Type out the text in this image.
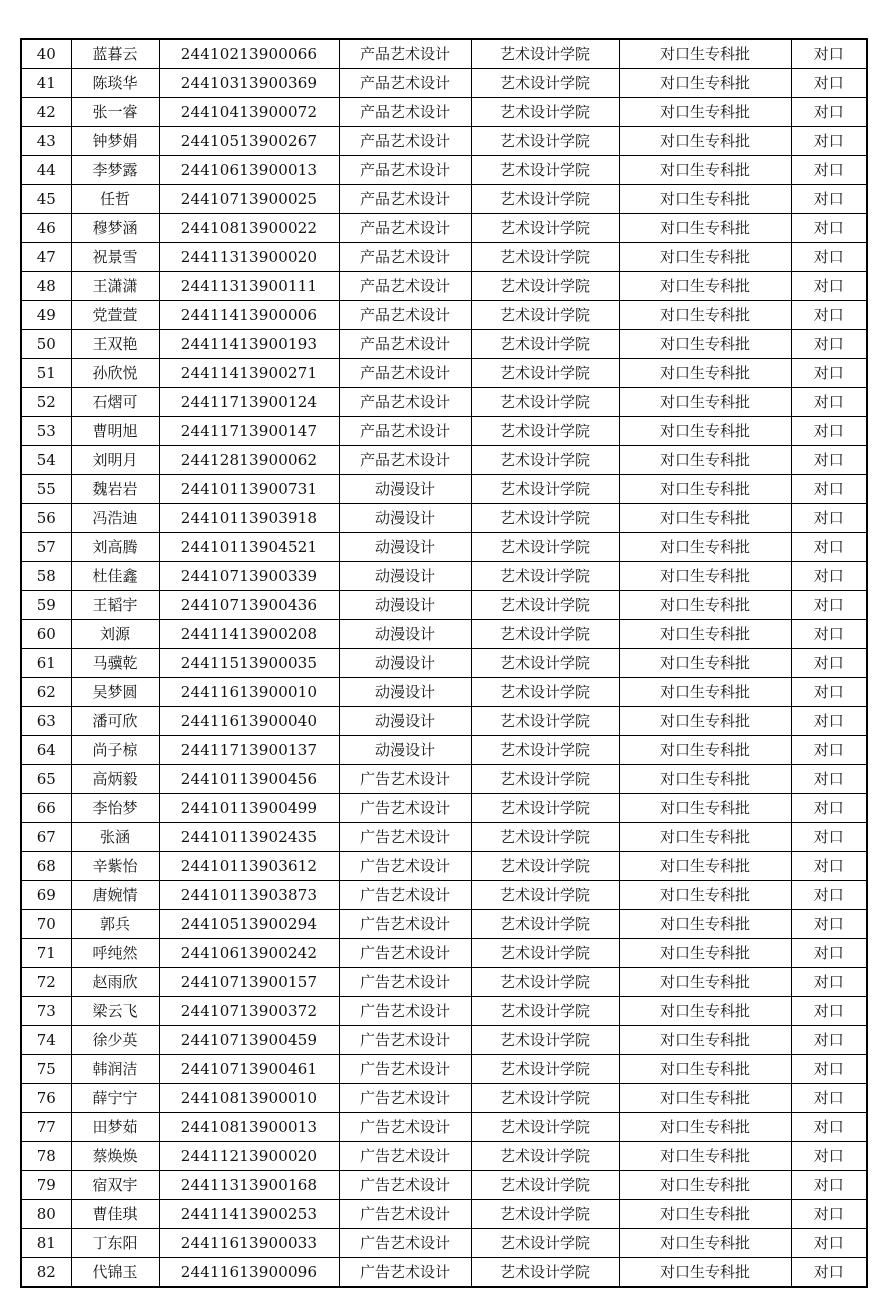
40	蓝暮云	24410213900066	产品艺术设计	艺术设计学院	对口生专科批	对口
41	陈琰华	24410313900369	产品艺术设计	艺术设计学院	对口生专科批	对口
42	张一睿	24410413900072	产品艺术设计	艺术设计学院	对口生专科批	对口
43	钟梦娟	24410513900267	产品艺术设计	艺术设计学院	对口生专科批	对口
44	李梦露	24410613900013	产品艺术设计	艺术设计学院	对口生专科批	对口
45	任哲	24410713900025	产品艺术设计	艺术设计学院	对口生专科批	对口
46	穆梦涵	24410813900022	产品艺术设计	艺术设计学院	对口生专科批	对口
47	祝景雪	24411313900020	产品艺术设计	艺术设计学院	对口生专科批	对口
48	王潇潇	24411313900111	产品艺术设计	艺术设计学院	对口生专科批	对口
49	党萱萱	24411413900006	产品艺术设计	艺术设计学院	对口生专科批	对口
50	王双艳	24411413900193	产品艺术设计	艺术设计学院	对口生专科批	对口
51	孙欣悦	24411413900271	产品艺术设计	艺术设计学院	对口生专科批	对口
52	石熠可	24411713900124	产品艺术设计	艺术设计学院	对口生专科批	对口
53	曹明旭	24411713900147	产品艺术设计	艺术设计学院	对口生专科批	对口
54	刘明月	24412813900062	产品艺术设计	艺术设计学院	对口生专科批	对口
55	魏岩岩	24410113900731	动漫设计	艺术设计学院	对口生专科批	对口
56	冯浩迪	24410113903918	动漫设计	艺术设计学院	对口生专科批	对口
57	刘高腾	24410113904521	动漫设计	艺术设计学院	对口生专科批	对口
58	杜佳鑫	24410713900339	动漫设计	艺术设计学院	对口生专科批	对口
59	王韬宇	24410713900436	动漫设计	艺术设计学院	对口生专科批	对口
60	刘源	24411413900208	动漫设计	艺术设计学院	对口生专科批	对口
61	马骥乾	24411513900035	动漫设计	艺术设计学院	对口生专科批	对口
62	吴梦圆	24411613900010	动漫设计	艺术设计学院	对口生专科批	对口
63	潘可欣	24411613900040	动漫设计	艺术设计学院	对口生专科批	对口
64	尚子椋	24411713900137	动漫设计	艺术设计学院	对口生专科批	对口
65	高炳毅	24410113900456	广告艺术设计	艺术设计学院	对口生专科批	对口
66	李怡梦	24410113900499	广告艺术设计	艺术设计学院	对口生专科批	对口
67	张涵	24410113902435	广告艺术设计	艺术设计学院	对口生专科批	对口
68	辛紫怡	24410113903612	广告艺术设计	艺术设计学院	对口生专科批	对口
69	唐婉情	24410113903873	广告艺术设计	艺术设计学院	对口生专科批	对口
70	郭兵	24410513900294	广告艺术设计	艺术设计学院	对口生专科批	对口
71	呼纯然	24410613900242	广告艺术设计	艺术设计学院	对口生专科批	对口
72	赵雨欣	24410713900157	广告艺术设计	艺术设计学院	对口生专科批	对口
73	梁云飞	24410713900372	广告艺术设计	艺术设计学院	对口生专科批	对口
74	徐少英	24410713900459	广告艺术设计	艺术设计学院	对口生专科批	对口
75	韩润洁	24410713900461	广告艺术设计	艺术设计学院	对口生专科批	对口
76	薛宁宁	24410813900010	广告艺术设计	艺术设计学院	对口生专科批	对口
77	田梦茹	24410813900013	广告艺术设计	艺术设计学院	对口生专科批	对口
78	蔡焕焕	24411213900020	广告艺术设计	艺术设计学院	对口生专科批	对口
79	宿双宇	24411313900168	广告艺术设计	艺术设计学院	对口生专科批	对口
80	曹佳琪	24411413900253	广告艺术设计	艺术设计学院	对口生专科批	对口
81	丁东阳	24411613900033	广告艺术设计	艺术设计学院	对口生专科批	对口
82	代锦玉	24411613900096	广告艺术设计	艺术设计学院	对口生专科批	对口
